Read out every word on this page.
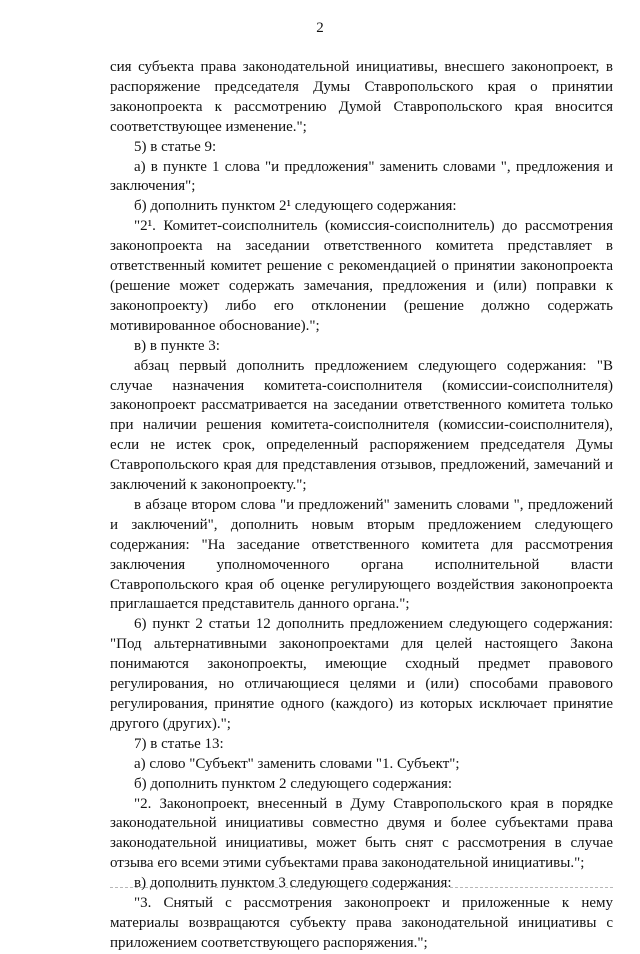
2

сия субъекта права законодательной инициативы, внесшего законопроект, в распоряжение председателя Думы Ставропольского края о принятии законопроекта к рассмотрению Думой Ставропольского края вносится соответствующее изменение.";

5) в статье 9:

а) в пункте 1 слова "и предложения" заменить словами ", предложения и заключения";

б) дополнить пунктом 2¹ следующего содержания:

"2¹. Комитет-соисполнитель (комиссия-соисполнитель) до рассмотрения законопроекта на заседании ответственного комитета представляет в ответственный комитет решение с рекомендацией о принятии законопроекта (решение может содержать замечания, предложения и (или) поправки к законопроекту) либо его отклонении (решение должно содержать мотивированное обоснование).";

в) в пункте 3:

абзац первый дополнить предложением следующего содержания: "В случае назначения комитета-соисполнителя (комиссии-соисполнителя) законопроект рассматривается на заседании ответственного комитета только при наличии решения комитета-соисполнителя (комиссии-соисполнителя), если не истек срок, определенный распоряжением председателя Думы Ставропольского края для представления отзывов, предложений, замечаний и заключений к законопроекту.";

в абзаце втором слова "и предложений" заменить словами ", предложений и заключений", дополнить новым вторым предложением следующего содержания: "На заседание ответственного комитета для рассмотрения заключения уполномоченного органа исполнительной власти Ставропольского края об оценке регулирующего воздействия законопроекта приглашается представитель данного органа.";

6) пункт 2 статьи 12 дополнить предложением следующего содержания: "Под альтернативными законопроектами для целей настоящего Закона понимаются законопроекты, имеющие сходный предмет правового регулирования, но отличающиеся целями и (или) способами правового регулирования, принятие одного (каждого) из которых исключает принятие другого (других).";

7) в статье 13:

а) слово "Субъект" заменить словами "1. Субъект";

б) дополнить пунктом 2 следующего содержания:

"2. Законопроект, внесенный в Думу Ставропольского края в порядке законодательной инициативы совместно двумя и более субъектами права законодательной инициативы, может быть снят с рассмотрения в случае отзыва его всеми этими субъектами права законодательной инициативы.";

в) дополнить пунктом 3 следующего содержания:

"3. Снятый с рассмотрения законопроект и приложенные к нему материалы возвращаются субъекту права законодательной инициативы с приложением соответствующего распоряжения.";
